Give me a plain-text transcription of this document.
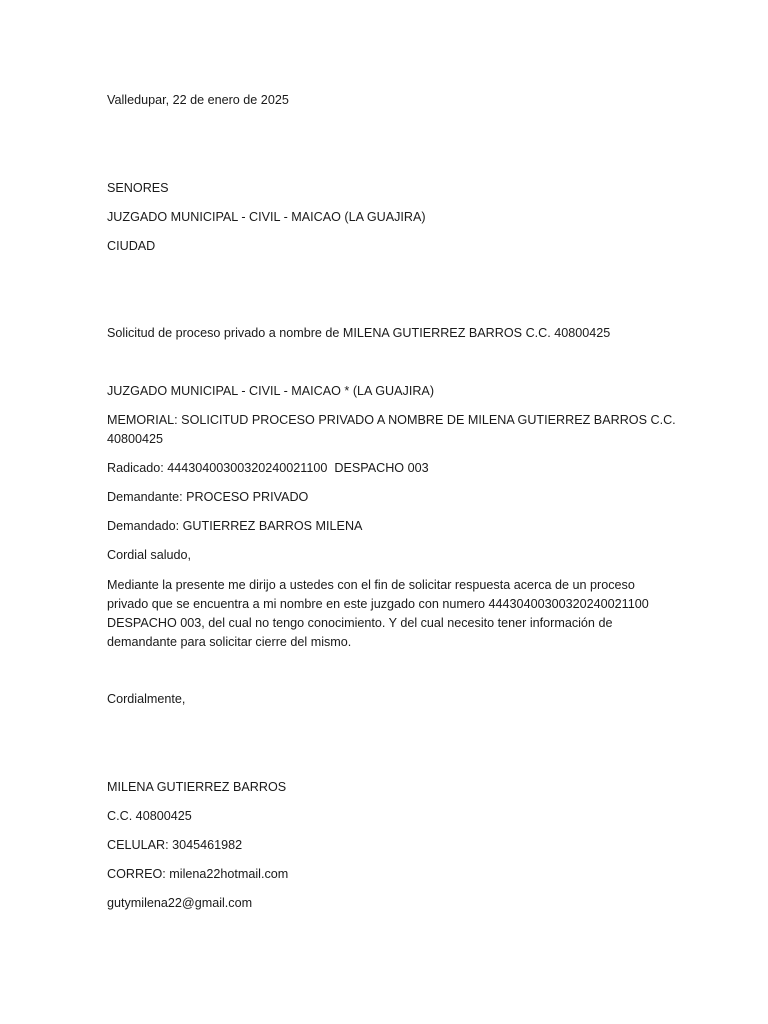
Valledupar, 22 de enero de 2025

SENORES

JUZGADO MUNICIPAL - CIVIL - MAICAO (LA GUAJIRA)

CIUDAD

Solicitud de proceso privado a nombre de MILENA GUTIERREZ BARROS C.C. 40800425

JUZGADO MUNICIPAL - CIVIL - MAICAO * (LA GUAJIRA)

MEMORIAL: SOLICITUD PROCESO PRIVADO A NOMBRE DE MILENA GUTIERREZ BARROS C.C.

40800425

Radicado: 44430400300320240021100  DESPACHO 003

Demandante: PROCESO PRIVADO

Demandado: GUTIERREZ BARROS MILENA

Cordial saludo,

Mediante la presente me dirijo a ustedes con el fin de solicitar respuesta acerca de un proceso

privado que se encuentra a mi nombre en este juzgado con numero 44430400300320240021100

DESPACHO 003, del cual no tengo conocimiento. Y del cual necesito tener información de

demandante para solicitar cierre del mismo.

Cordialmente,

MILENA GUTIERREZ BARROS

C.C. 40800425

CELULAR: 3045461982

CORREO: milena22hotmail.com

gutymilena22@gmail.com
